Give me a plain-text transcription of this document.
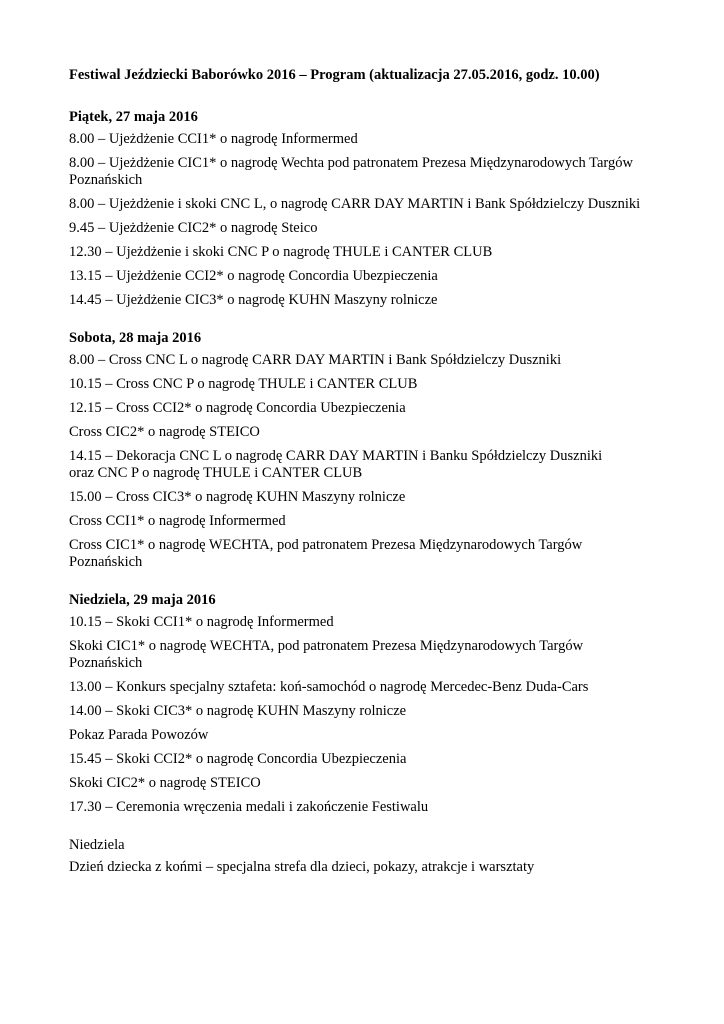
Festiwal Jeździecki Baborówko 2016 – Program (aktualizacja 27.05.2016, godz. 10.00)
Piątek, 27 maja 2016
8.00 – Ujeżdżenie CCI1* o nagrodę Informermed
8.00 – Ujeżdżenie CIC1* o nagrodę Wechta pod patronatem Prezesa Międzynarodowych Targów
Poznańskich
8.00 – Ujeżdżenie i skoki CNC L, o nagrodę CARR DAY MARTIN i Bank Spółdzielczy Duszniki
9.45 – Ujeżdżenie CIC2* o nagrodę Steico
12.30 – Ujeżdżenie i skoki CNC P o nagrodę THULE i CANTER CLUB
13.15 – Ujeżdżenie CCI2* o nagrodę Concordia Ubezpieczenia
14.45 – Ujeżdżenie CIC3* o nagrodę KUHN Maszyny rolnicze
Sobota, 28 maja 2016
8.00 – Cross CNC L o nagrodę CARR DAY MARTIN i Bank Spółdzielczy Duszniki
10.15 – Cross CNC P o nagrodę THULE i CANTER CLUB
12.15 – Cross CCI2* o nagrodę Concordia Ubezpieczenia
Cross CIC2* o nagrodę STEICO
14.15 – Dekoracja CNC L o nagrodę CARR DAY MARTIN i Banku Spółdzielczy Duszniki
oraz CNC P o nagrodę THULE i CANTER CLUB
15.00 – Cross CIC3* o nagrodę KUHN Maszyny rolnicze
Cross CCI1* o nagrodę Informermed
Cross CIC1* o nagrodę WECHTA, pod patronatem Prezesa Międzynarodowych Targów
Poznańskich
Niedziela, 29 maja 2016
10.15 – Skoki CCI1* o nagrodę Informermed
Skoki CIC1* o nagrodę WECHTA, pod patronatem Prezesa Międzynarodowych Targów
Poznańskich
13.00 – Konkurs specjalny sztafeta: koń-samochód o nagrodę Mercedec-Benz Duda-Cars
14.00 – Skoki CIC3* o nagrodę KUHN Maszyny rolnicze
Pokaz Parada Powozów
15.45 – Skoki CCI2* o nagrodę Concordia Ubezpieczenia
Skoki CIC2* o nagrodę STEICO
17.30 – Ceremonia wręczenia medali i zakończenie Festiwalu
Niedziela
Dzień dziecka z końmi – specjalna strefa dla dzieci, pokazy, atrakcje i warsztaty
